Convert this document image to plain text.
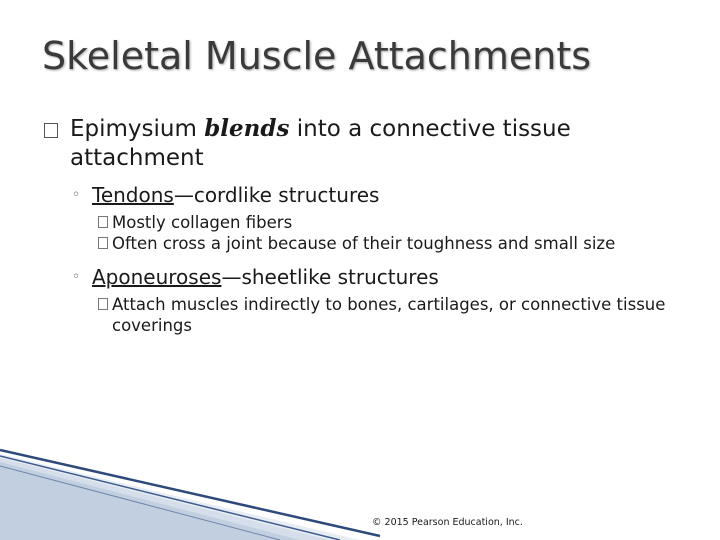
Skeletal Muscle Attachments
Epimysium blends into a connective tissue attachment
◦ Tendons—cordlike structures
Mostly collagen fibers
Often cross a joint because of their toughness and small size
◦ Aponeuroses—sheetlike structures
Attach muscles indirectly to bones, cartilages, or connective tissue coverings
© 2015 Pearson Education, Inc.
